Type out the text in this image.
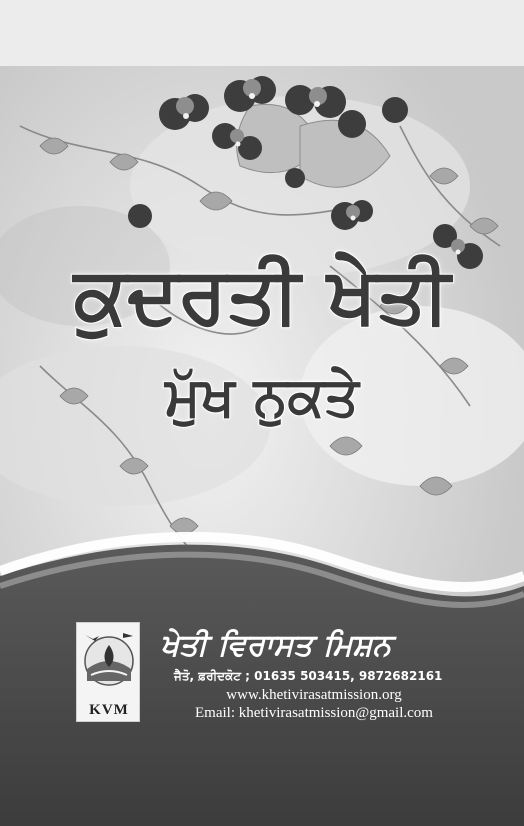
ਕੁਦਰਤੀ ਖੇਤੀ
ਮੁੱਖ ਨੁਕਤੇ
KVM
ਖੇਤੀ ਵਿਰਾਸਤ ਮਿਸ਼ਨ
ਜੈਤੋ, ਫ਼ਰੀਦਕੋਟ ; 01635 503415, 9872682161
www.khetivirasatmission.org
Email: khetivirasatmission@gmail.com
